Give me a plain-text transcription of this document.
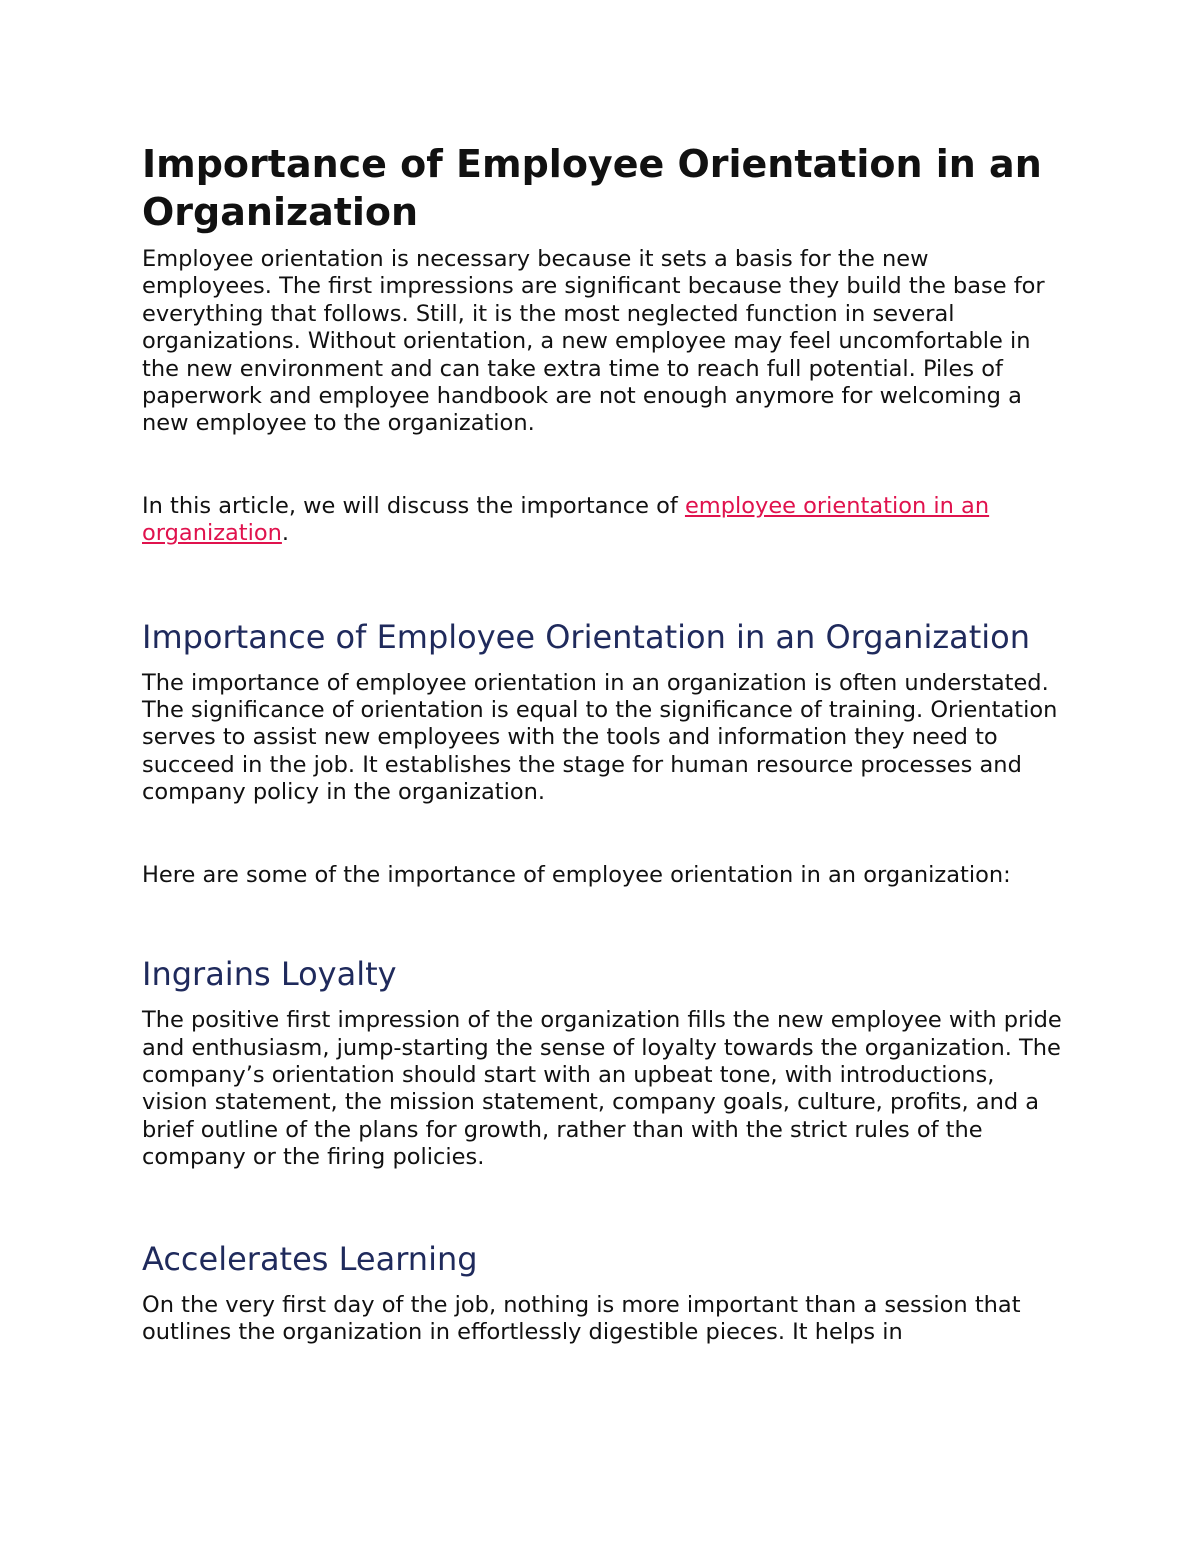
Importance of Employee Orientation in an Organization

Employee orientation is necessary because it sets a basis for the new employees. The first impressions are significant because they build the base for everything that follows. Still, it is the most neglected function in several organizations. Without orientation, a new employee may feel uncomfortable in the new environment and can take extra time to reach full potential. Piles of paperwork and employee handbook are not enough anymore for welcoming a new employee to the organization.

In this article, we will discuss the importance of employee orientation in an organization.

Importance of Employee Orientation in an Organization

The importance of employee orientation in an organization is often understated. The significance of orientation is equal to the significance of training. Orientation serves to assist new employees with the tools and information they need to succeed in the job. It establishes the stage for human resource processes and company policy in the organization.

Here are some of the importance of employee orientation in an organization:

Ingrains Loyalty

The positive first impression of the organization fills the new employee with pride and enthusiasm, jump-starting the sense of loyalty towards the organization. The company’s orientation should start with an upbeat tone, with introductions, vision statement, the mission statement, company goals, culture, profits, and a brief outline of the plans for growth, rather than with the strict rules of the company or the firing policies.

Accelerates Learning

On the very first day of the job, nothing is more important than a session that outlines the organization in effortlessly digestible pieces. It helps in
